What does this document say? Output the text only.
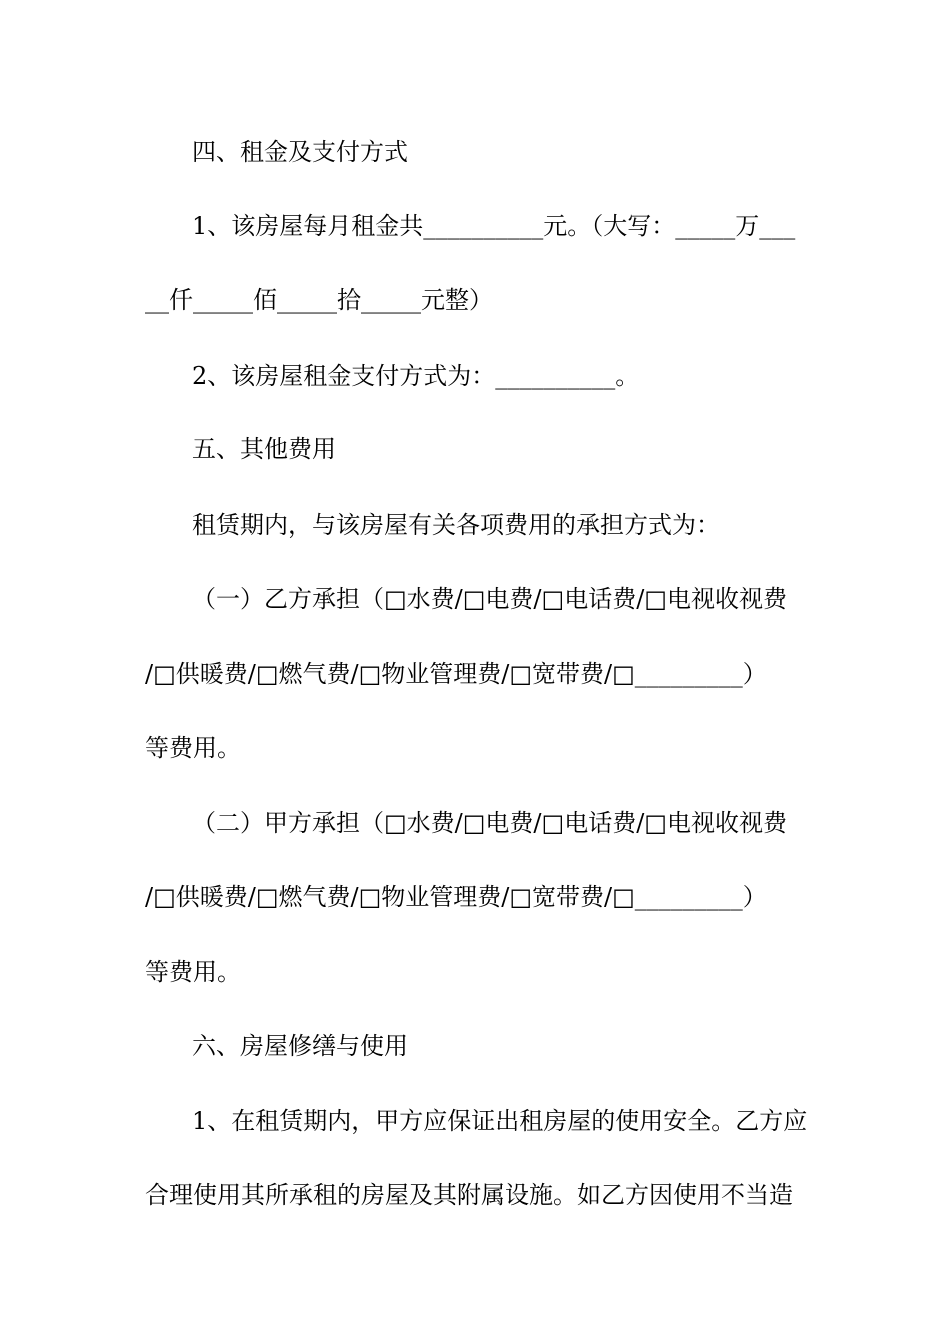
四、租金及支付方式
1、该房屋每月租金共__________元。（大写：_____万___
__仟_____佰_____拾_____元整）
2、该房屋租金支付方式为：__________。
五、其他费用
租赁期内，与该房屋有关各项费用的承担方式为：
（一）乙方承担（□水费/□电费/□电话费/□电视收视费
/□供暖费/□燃气费/□物业管理费/□宽带费/□_________）
等费用。
（二）甲方承担（□水费/□电费/□电话费/□电视收视费
/□供暖费/□燃气费/□物业管理费/□宽带费/□_________）
等费用。
六、房屋修缮与使用
1、在租赁期内，甲方应保证出租房屋的使用安全。乙方应
合理使用其所承租的房屋及其附属设施。如乙方因使用不当造
